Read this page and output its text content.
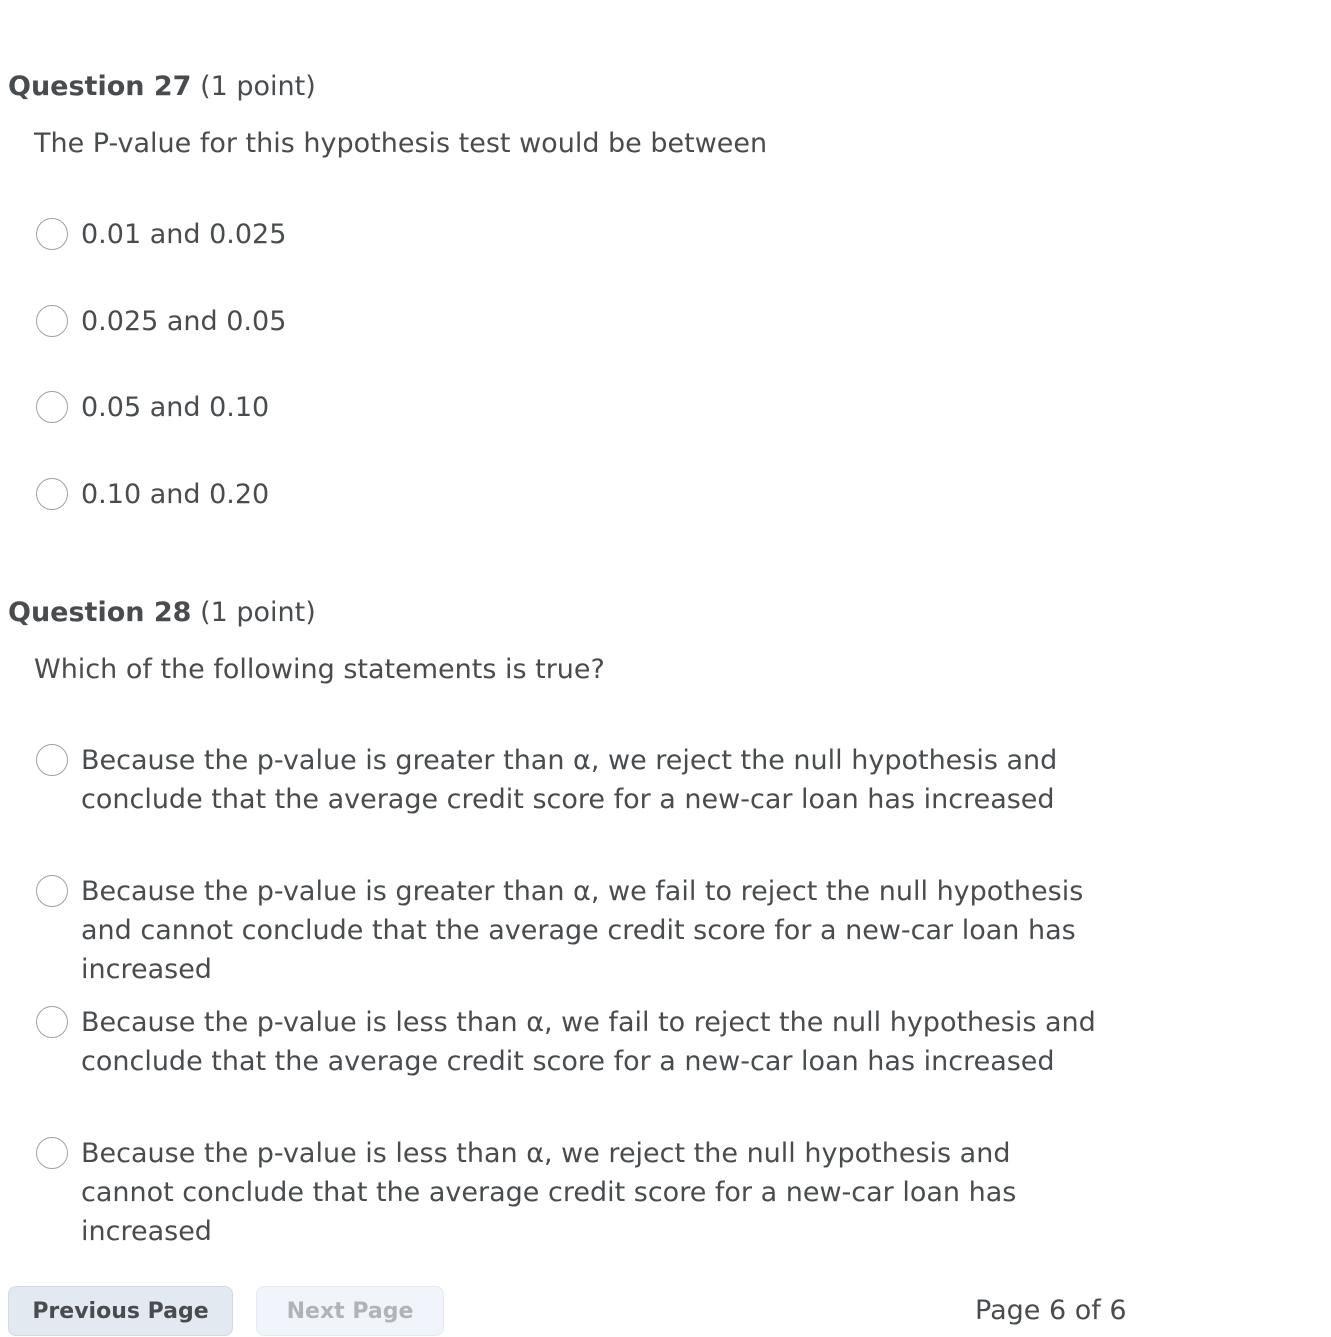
Question 27 (1 point)
The P-value for this hypothesis test would be between
0.01 and 0.025
0.025 and 0.05
0.05 and 0.10
0.10 and 0.20
Question 28 (1 point)
Which of the following statements is true?
Because the p-value is greater than α, we reject the null hypothesis and conclude that the average credit score for a new-car loan has increased
Because the p-value is greater than α, we fail to reject the null hypothesis and cannot conclude that the average credit score for a new-car loan has increased
Because the p-value is less than α, we fail to reject the null hypothesis and conclude that the average credit score for a new-car loan has increased
Because the p-value is less than α, we reject the null hypothesis and cannot conclude that the average credit score for a new-car loan has increased
Previous Page	Next Page	Page 6 of 6
